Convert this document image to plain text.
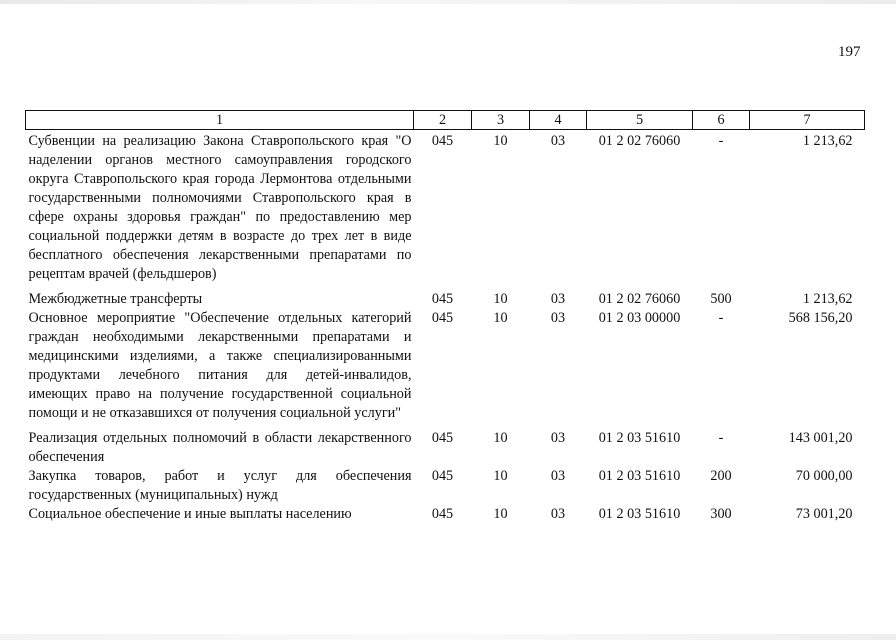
197
1	2	3	4	5	6	7
Субвенции на реализацию Закона Ставропольского края "О наделении органов местного самоуправления городского округа Ставропольского края города Лермонтова отдельными государственными полномочиями Ставропольского края в сфере охраны здоровья граждан" по предоставлению мер социальной поддержки детям в возрасте до трех лет в виде бесплатного обеспечения лекарственными препаратами по рецептам врачей (фельдшеров)	045	10	03	01 2 02 76060	-	1 213,62
Межбюджетные трансферты	045	10	03	01 2 02 76060	500	1 213,62
Основное мероприятие "Обеспечение отдельных категорий граждан необходимыми лекарственными препаратами и медицинскими изделиями, а также специализированными продуктами лечебного питания для детей-инвалидов, имеющих право на получение государственной социальной помощи и не отказавшихся от получения социальной услуги"	045	10	03	01 2 03 00000	-	568 156,20
Реализация отдельных полномочий в области лекарственного обеспечения	045	10	03	01 2 03 51610	-	143 001,20
Закупка товаров, работ и услуг для обеспечения государственных (муниципальных) нужд	045	10	03	01 2 03 51610	200	70 000,00
Социальное обеспечение и иные выплаты населению	045	10	03	01 2 03 51610	300	73 001,20
